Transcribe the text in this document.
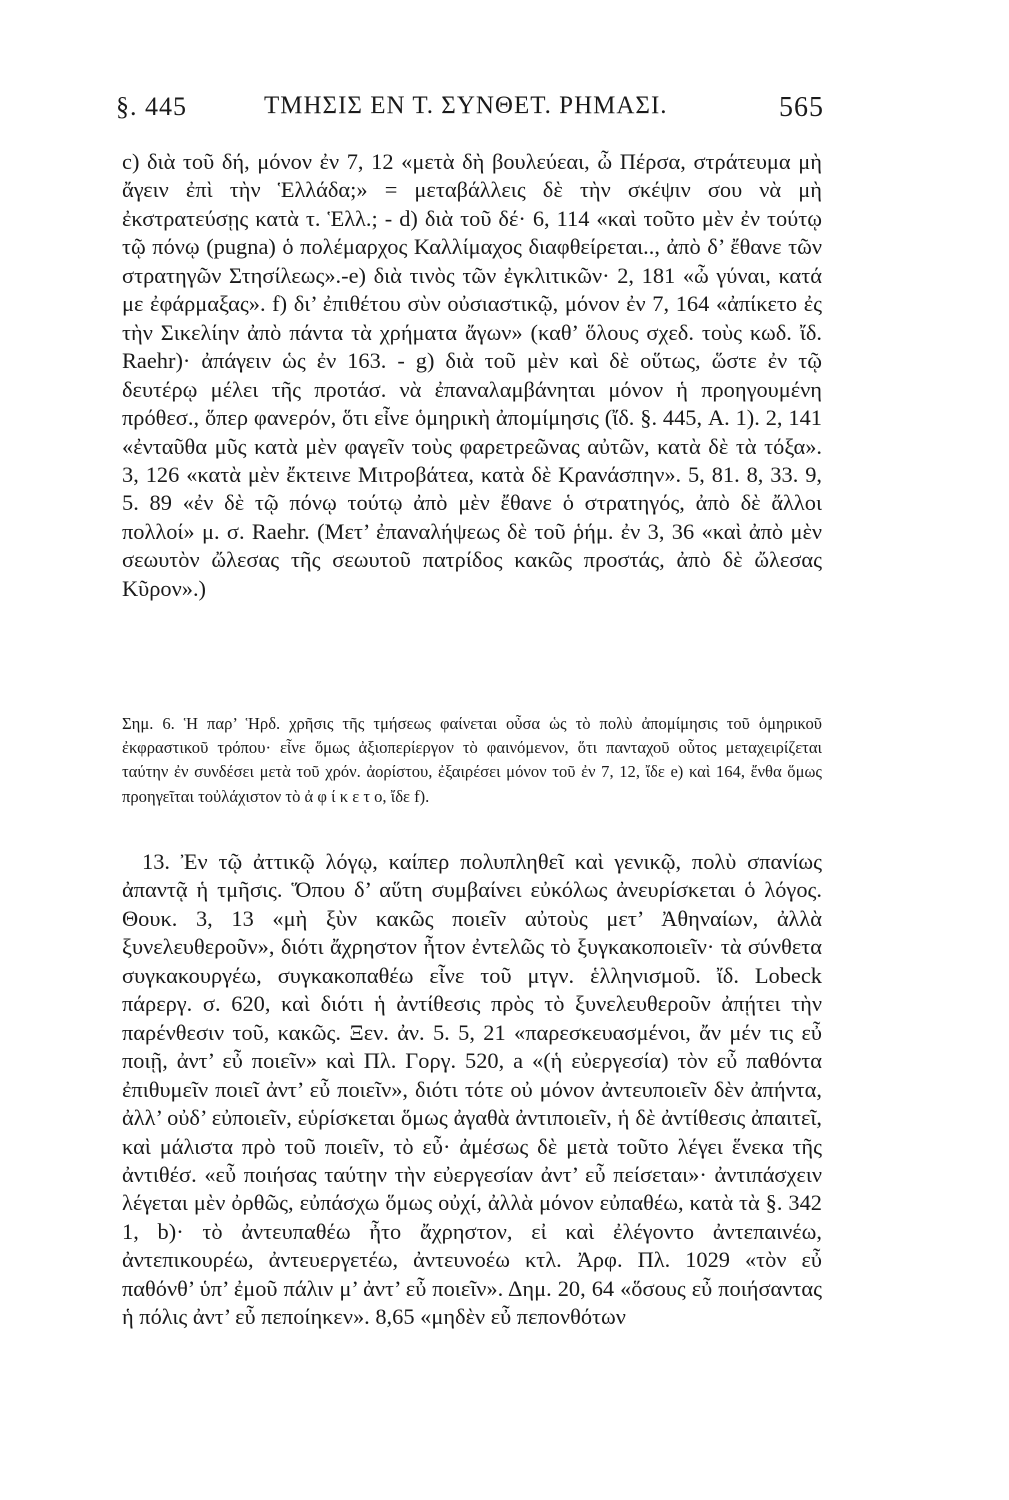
§. 445	ΤΜΗΣΙΣ ΕΝ Τ. ΣΥΝΘΕΤ. ΡΗΜΑΣΙ.	565

c) διὰ τοῦ δή, μόνον ἐν 7, 12 «μετὰ δὴ βουλεύεαι, ὦ Πέρσα, στράτευμα μὴ ἄγειν ἐπὶ τὴν Ἑλλάδα;» = μεταβάλλεις δὲ τὴν σκέψιν σου νὰ μὴ ἐκστρατεύσῃς κατὰ τ. Ἑλλ.; - d) διὰ τοῦ δέ· 6, 114 «καὶ τοῦτο μὲν ἐν τούτῳ τῷ πόνῳ (pugna) ὁ πολέμαρχος Καλλίμαχος διαφθείρεται.., ἀπὸ δ’ ἔθανε τῶν στρατηγῶν Στησίλεως».-e) διὰ τινὸς τῶν ἐγκλιτικῶν· 2, 181 «ὦ γύναι, κατά με ἐφάρμαξας». f) δι’ ἐπιθέτου σὺν οὐσιαστικῷ, μόνον ἐν 7, 164 «ἀπίκετο ἐς τὴν Σικελίην ἀπὸ πάντα τὰ χρήματα ἄγων» (καθ’ ὅλους σχεδ. τοὺς κωδ. ἴδ. Raehr)· ἀπάγειν ὡς ἐν 163. - g) διὰ τοῦ μὲν καὶ δὲ οὕτως, ὥστε ἐν τῷ δευτέρῳ μέλει τῆς προτάσ. νὰ ἐπαναλαμβάνηται μόνον ἡ προηγουμένη πρόθεσ., ὅπερ φανερόν, ὅτι εἶνε ὁμηρικὴ ἀπομίμησις (ἴδ. §. 445, A. 1). 2, 141 «ἐνταῦθα μῦς κατὰ μὲν φαγεῖν τοὺς φαρετρεῶνας αὐτῶν, κατὰ δὲ τὰ τόξα». 3, 126 «κατὰ μὲν ἔκτεινε Μιτροβάτεα, κατὰ δὲ Κρανάσπην». 5, 81. 8, 33. 9, 5. 89 «ἐν δὲ τῷ πόνῳ τούτῳ ἀπὸ μὲν ἔθανε ὁ στρατηγός, ἀπὸ δὲ ἄλλοι πολλοί» μ. σ. Raehr. (Μετ’ ἐπαναλήψεως δὲ τοῦ ῥήμ. ἐν 3, 36 «καὶ ἀπὸ μὲν σεωυτὸν ὤλεσας τῆς σεωυτοῦ πατρίδος κακῶς προστάς, ἀπὸ δὲ ὤλεσας Κῦρον».)

Σημ. 6. Ἡ παρ’ Ἡρδ. χρῆσις τῆς τμήσεως φαίνεται οὖσα ὡς τὸ πολὺ ἀπομίμησις τοῦ ὁμηρικοῦ ἐκφραστικοῦ τρόπου· εἶνε ὅμως ἀξιοπερίεργον τὸ φαινόμενον, ὅτι πανταχοῦ οὗτος μεταχειρίζεται ταύτην ἐν συνδέσει μετὰ τοῦ χρόν. ἀορίστου, ἐξαιρέσει μόνον τοῦ ἐν 7, 12, ἴδε e) καὶ 164, ἔνθα ὅμως προηγεῖται τοὐλάχιστον τὸ ἀ φ ί κ ε τ ο, ἴδε f).

13. Ἐν τῷ ἀττικῷ λόγῳ, καίπερ πολυπληθεῖ καὶ γενικῷ, πολὺ σπανίως ἀπαντᾷ ἡ τμῆσις. Ὅπου δ’ αὕτη συμβαίνει εὐκόλως ἀνευρίσκεται ὁ λόγος. Θουκ. 3, 13 «μὴ ξὺν κακῶς ποιεῖν αὐτοὺς μετ’ Ἀθηναίων, ἀλλὰ ξυνελευθεροῦν», διότι ἄχρηστον ἦτον ἐντελῶς τὸ ξυγκακοποιεῖν· τὰ σύνθετα συγκακουργέω, συγκακοπαθέω εἶνε τοῦ μτγν. ἑλληνισμοῦ. ἴδ. Lobeck πάρεργ. σ. 620, καὶ διότι ἡ ἀντίθεσις πρὸς τὸ ξυνελευθεροῦν ἀπῄτει τὴν παρένθεσιν τοῦ, κακῶς. Ξεν. ἀν. 5. 5, 21 «παρεσκευασμένοι, ἄν μέν τις εὖ ποιῇ, ἀντ’ εὖ ποιεῖν» καὶ Πλ. Γοργ. 520, a «(ἡ εὐεργεσία) τὸν εὖ παθόντα ἐπιθυμεῖν ποιεῖ ἀντ’ εὖ ποιεῖν», διότι τότε οὐ μόνον ἀντευποιεῖν δὲν ἀπήντα, ἀλλ’ οὐδ’ εὐποιεῖν, εὑρίσκεται ὅμως ἀγαθὰ ἀντιποιεῖν, ἡ δὲ ἀντίθεσις ἀπαιτεῖ, καὶ μάλιστα πρὸ τοῦ ποιεῖν, τὸ εὖ· ἀμέσως δὲ μετὰ τοῦτο λέγει ἕνεκα τῆς ἀντιθέσ. «εὖ ποιήσας ταύτην τὴν εὐεργεσίαν ἀντ’ εὖ πείσεται»· ἀντιπάσχειν λέγεται μὲν ὀρθῶς, εὐπάσχω ὅμως οὐχί, ἀλλὰ μόνον εὐπαθέω, κατὰ τὰ §. 342 1, b)· τὸ ἀντευπαθέω ἦτο ἄχρηστον, εἰ καὶ ἐλέγοντο ἀντεπαινέω, ἀντεπικουρέω, ἀντευεργετέω, ἀντευνοέω κτλ. Ἀρφ. Πλ. 1029 «τὸν εὖ παθόνθ’ ὑπ’ ἐμοῦ πάλιν μ’ ἀντ’ εὖ ποιεῖν». Δημ. 20, 64 «ὅσους εὖ ποιήσαντας ἡ πόλις ἀντ’ εὖ πεποίηκεν». 8,65 «μηδὲν εὖ πεπονθότων
